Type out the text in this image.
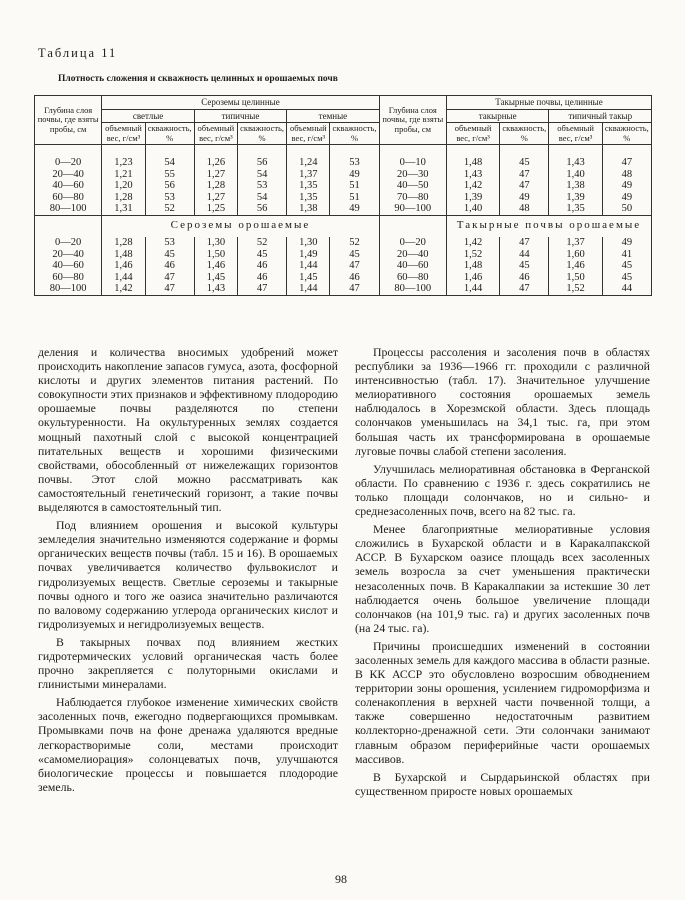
Таблица 11
Плотность сложения и скважность целинных и орошаемых почв
Глубина слоя почвы, где взяты пробы, см	Сероземы целинные						Глубина слоя почвы, где взяты пробы, см	Такырные почвы, целинные			
	светлые		типичные		темные			такырные		типичный такыр	
	объемный вес, г/см³	скважность, %	объемный вес, г/см³	скважность, %	объемный вес, г/см³	скважность, %		объемный вес, г/см³	скважность, %	объемный вес, г/см³	скважность, %
0—20	1,23	54	1,26	56	1,24	53	0—10	1,48	45	1,43	47
20—40	1,21	55	1,27	54	1,37	49	20—30	1,43	47	1,40	48
40—60	1,20	56	1,28	53	1,35	51	40—50	1,42	47	1,38	49
60—80	1,28	53	1,27	54	1,35	51	70—80	1,39	49	1,39	49
80—100	1,31	52	1,25	56	1,38	49	90—100	1,40	48	1,35	50
	Сероземы орошаемые							Такырные почвы орошаемые			
0—20	1,28	53	1,30	52	1,30	52	0—20	1,42	47	1,37	49
20—40	1,48	45	1,50	45	1,49	45	20—40	1,52	44	1,60	41
40—60	1,46	46	1,46	46	1,44	47	40—60	1,48	45	1,46	45
60—80	1,44	47	1,45	46	1,45	46	60—80	1,46	46	1,50	45
80—100	1,42	47	1,43	47	1,44	47	80—100	1,44	47	1,52	44

деления и количества вносимых удобрений может происходить накопление запасов гумуса, азота, фосфорной кислоты и других элементов питания растений. По совокупности этих признаков и эффективному плодородию орошаемые почвы разделяются по степени окультуренности. На окультуренных землях создается мощный пахотный слой с высокой концентрацией питательных веществ и хорошими физическими свойствами, обособленный от нижележащих горизонтов почвы. Этот слой можно рассматривать как самостоятельный генетический горизонт, а такие почвы выделяются в самостоятельный тип.

Под влиянием орошения и высокой культуры земледелия значительно изменяются содержание и формы органических веществ почвы (табл. 15 и 16). В орошаемых почвах увеличивается количество фульвокислот и гидролизуемых веществ. Светлые сероземы и такырные почвы одного и того же оазиса значительно различаются по валовому содержанию углерода органических кислот и гидролизуемых и негидролизуемых веществ.

В такырных почвах под влиянием жестких гидротермических условий органическая часть более прочно закрепляется с полуторными окислами и глинистыми минералами.

Наблюдается глубокое изменение химических свойств засоленных почв, ежегодно подвергающихся промывкам. Промывками почв на фоне дренажа удаляются вредные легкорастворимые соли, местами происходит «самомелиорация» солонцеватых почв, улучшаются биологические процессы и повышается плодородие земель.

Процессы рассоления и засоления почв в областях республики за 1936—1966 гг. проходили с различной интенсивностью (табл. 17). Значительное улучшение мелиоративного состояния орошаемых земель наблюдалось в Хорезмской области. Здесь площадь солончаков уменьшилась на 34,1 тыс. га, при этом большая часть их трансформирована в орошаемые луговые почвы слабой степени засоления.

Улучшилась мелиоративная обстановка в Ферганской области. По сравнению с 1936 г. здесь сократились не только площади солончаков, но и сильно- и среднезасоленных почв, всего на 82 тыс. га.

Менее благоприятные мелиоративные условия сложились в Бухарской области и в Каракалпакской АССР. В Бухарском оазисе площадь всех засоленных земель возросла за счет уменьшения практически незасоленных почв. В Каракалпакии за истекшие 30 лет наблюдается очень большое увеличение площади солончаков (на 101,9 тыс. га) и других засоленных почв (на 24 тыс. га).

Причины происшедших изменений в состоянии засоленных земель для каждого массива в области разные. В КК АССР это обусловлено возросшим обводнением территории зоны орошения, усилением гидроморфизма и соленакопления в верхней части почвенной толщи, а также совершенно недостаточным развитием коллекторно-дренажной сети. Эти солончаки занимают главным образом периферийные части орошаемых массивов.

В Бухарской и Сырдарьинской областях при существенном приросте новых орошаемых

98
